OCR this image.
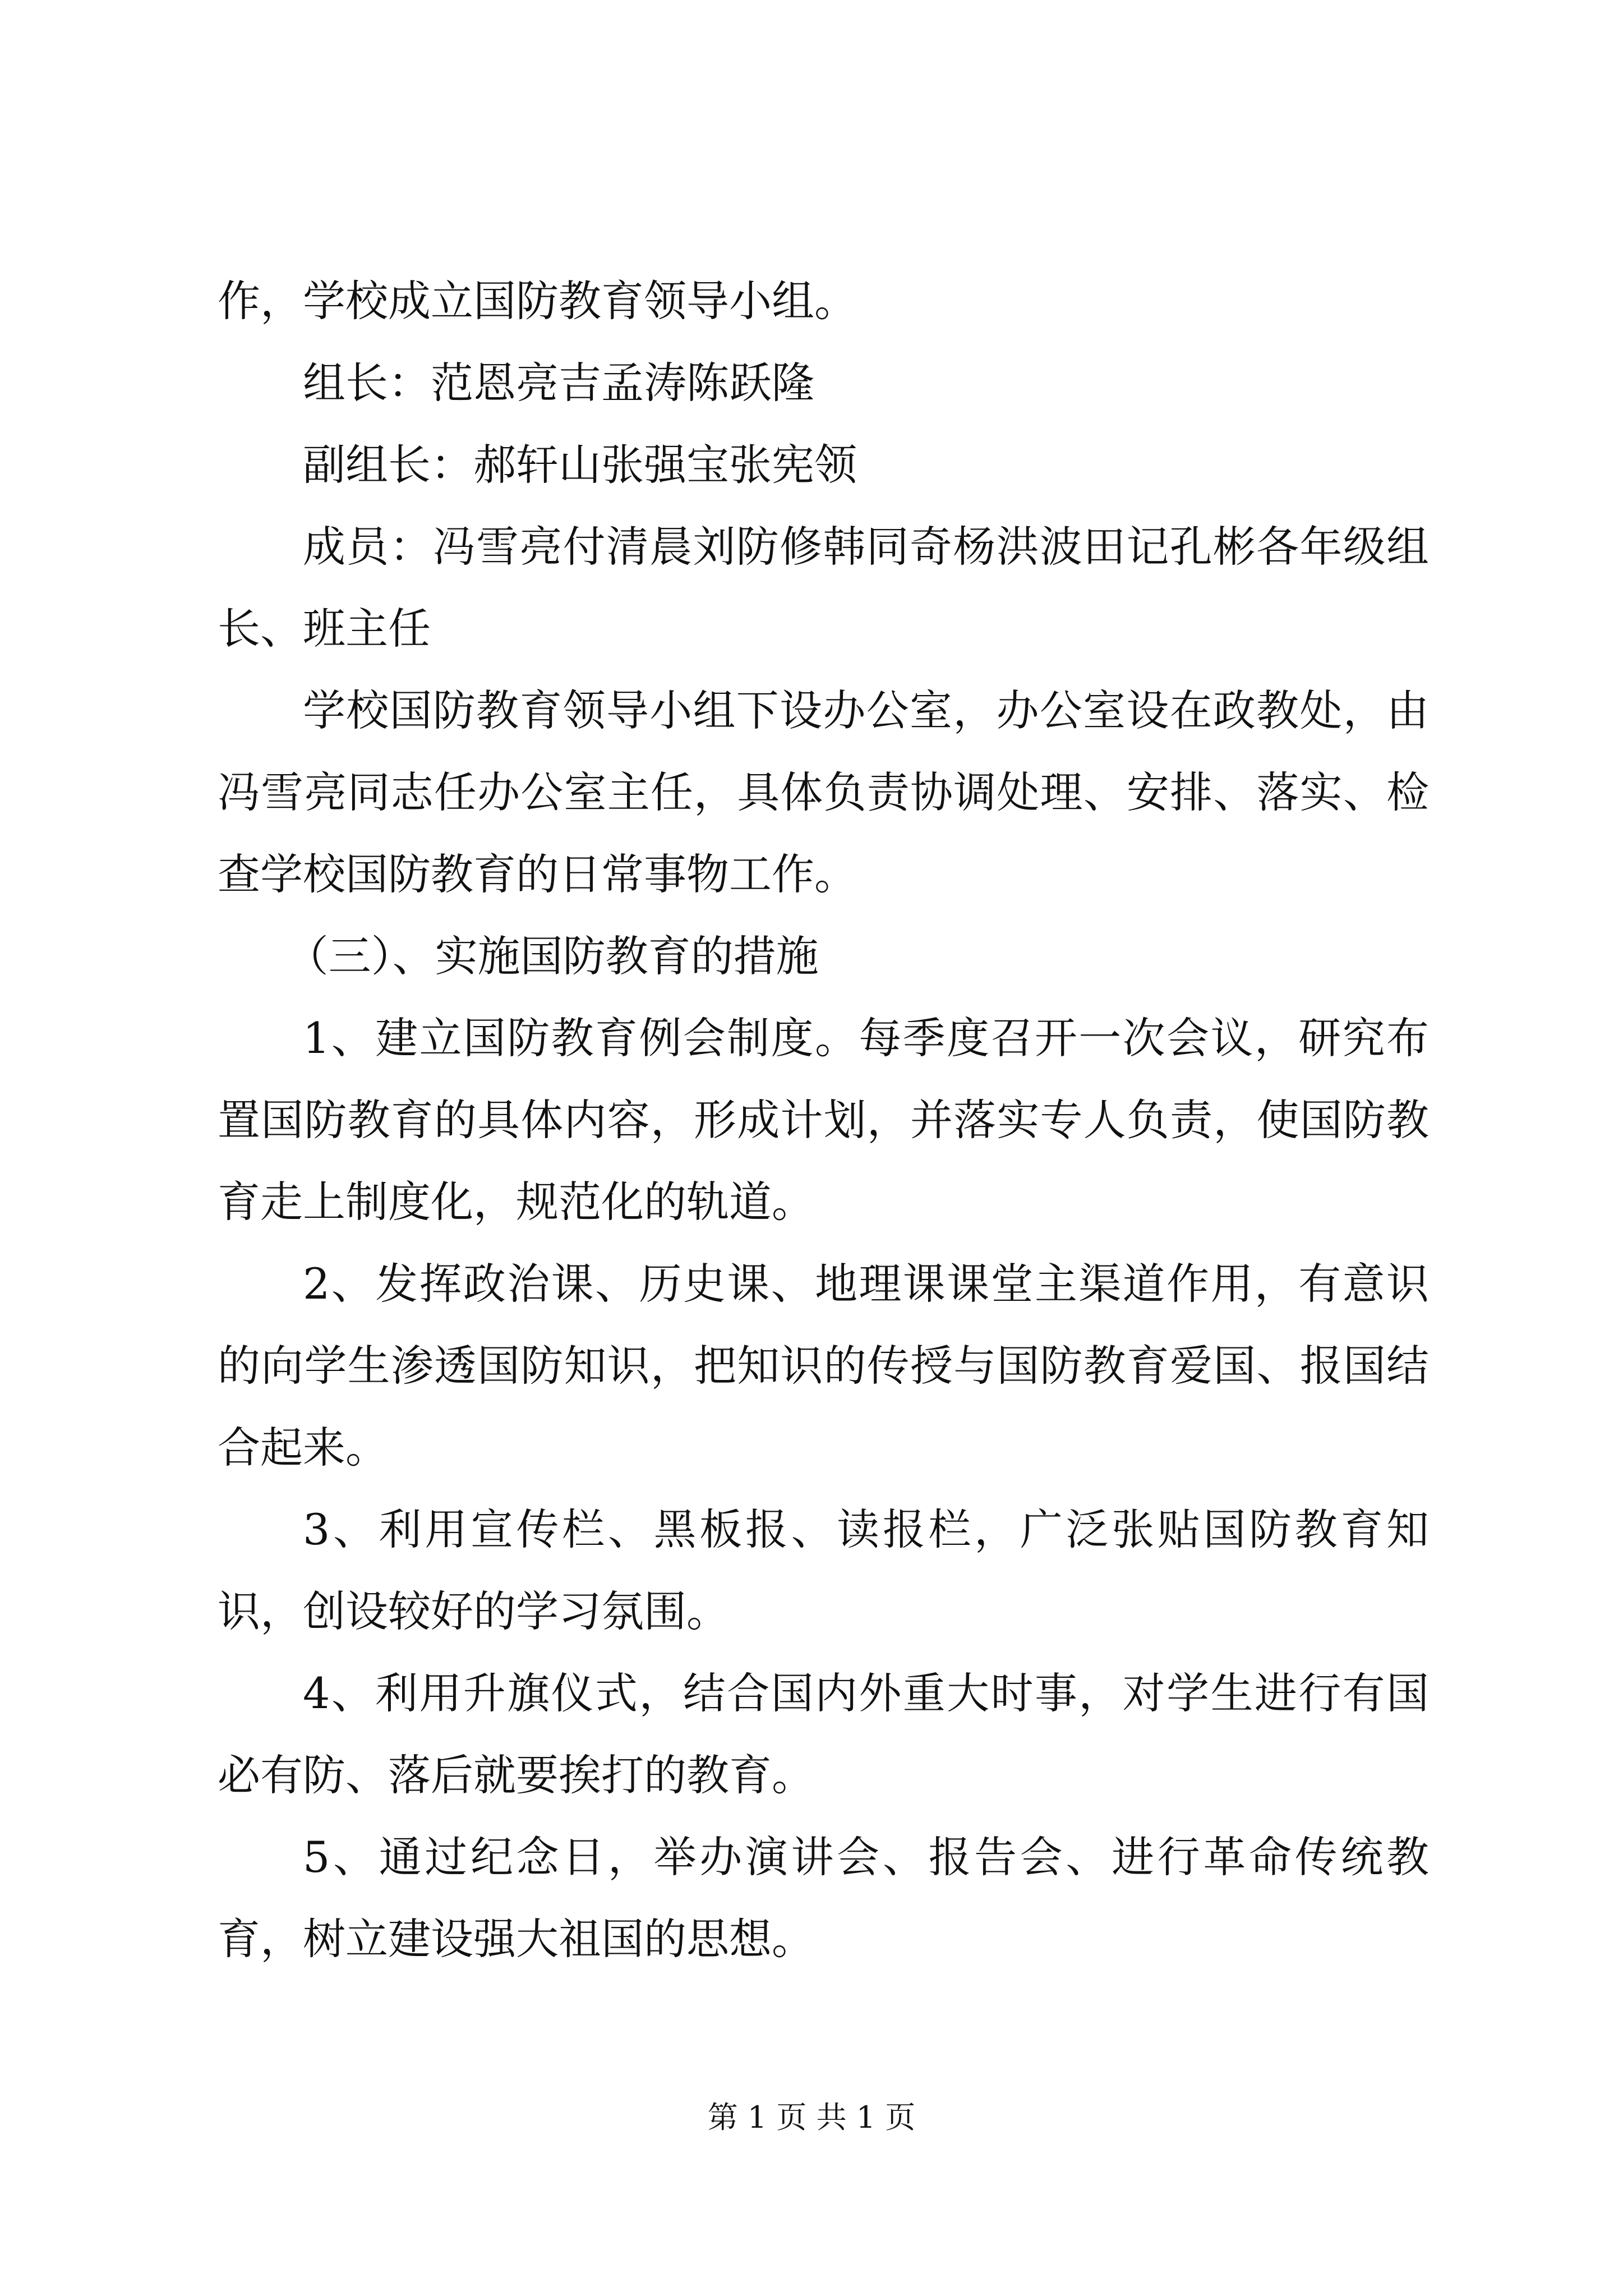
作，学校成立国防教育领导小组。

组长：范恩亮吉孟涛陈跃隆

副组长：郝轩山张强宝张宪领

成员：冯雪亮付清晨刘防修韩同奇杨洪波田记孔彬各年级组长、班主任

学校国防教育领导小组下设办公室，办公室设在政教处，由冯雪亮同志任办公室主任，具体负责协调处理、安排、落实、检查学校国防教育的日常事物工作。

（三）、实施国防教育的措施

1、建立国防教育例会制度。每季度召开一次会议，研究布置国防教育的具体内容，形成计划，并落实专人负责，使国防教育走上制度化，规范化的轨道。

2、发挥政治课、历史课、地理课课堂主渠道作用，有意识的向学生渗透国防知识，把知识的传授与国防教育爱国、报国结合起来。

3、利用宣传栏、黑板报、读报栏，广泛张贴国防教育知识，创设较好的学习氛围。

4、利用升旗仪式，结合国内外重大时事，对学生进行有国必有防、落后就要挨打的教育。

5、通过纪念日，举办演讲会、报告会、进行革命传统教育，树立建设强大祖国的思想。

第 1 页 共 1 页
